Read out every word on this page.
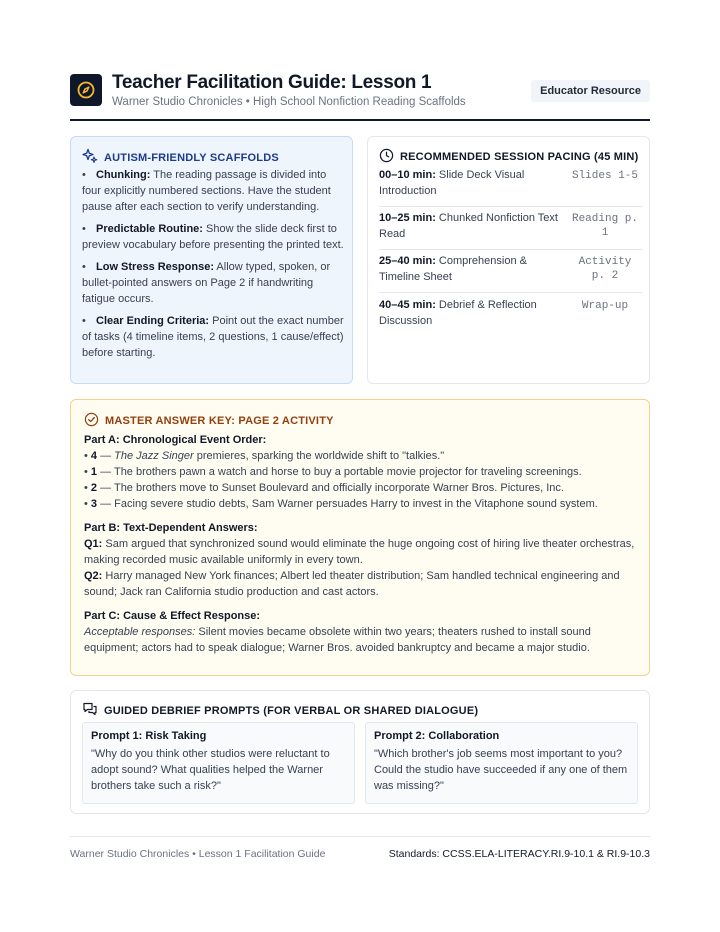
Teacher Facilitation Guide: Lesson 1
Warner Studio Chronicles • High School Nonfiction Reading Scaffolds
Educator Resource
AUTISM-FRIENDLY SCAFFOLDS
• Chunking: The reading passage is divided into four explicitly numbered sections. Have the student pause after each section to verify understanding.
• Predictable Routine: Show the slide deck first to preview vocabulary before presenting the printed text.
• Low Stress Response: Allow typed, spoken, or bullet-pointed answers on Page 2 if handwriting fatigue occurs.
• Clear Ending Criteria: Point out the exact number of tasks (4 timeline items, 2 questions, 1 cause/effect) before starting.
RECOMMENDED SESSION PACING (45 MIN)
00–10 min: Slide Deck Visual Introduction
Slides 1-5
10–25 min: Chunked Nonfiction Text Read
Reading p. 1
25–40 min: Comprehension & Timeline Sheet
Activity p. 2
40–45 min: Debrief & Reflection Discussion
Wrap-up
MASTER ANSWER KEY: PAGE 2 ACTIVITY
Part A: Chronological Event Order:
• 4 — The Jazz Singer premieres, sparking the worldwide shift to "talkies."
• 1 — The brothers pawn a watch and horse to buy a portable movie projector for traveling screenings.
• 2 — The brothers move to Sunset Boulevard and officially incorporate Warner Bros. Pictures, Inc.
• 3 — Facing severe studio debts, Sam Warner persuades Harry to invest in the Vitaphone sound system.
Part B: Text-Dependent Answers:
Q1: Sam argued that synchronized sound would eliminate the huge ongoing cost of hiring live theater orchestras, making recorded music available uniformly in every town.
Q2: Harry managed New York finances; Albert led theater distribution; Sam handled technical engineering and sound; Jack ran California studio production and cast actors.
Part C: Cause & Effect Response:
Acceptable responses: Silent movies became obsolete within two years; theaters rushed to install sound equipment; actors had to speak dialogue; Warner Bros. avoided bankruptcy and became a major studio.
GUIDED DEBRIEF PROMPTS (FOR VERBAL OR SHARED DIALOGUE)
Prompt 1: Risk Taking
"Why do you think other studios were reluctant to adopt sound? What qualities helped the Warner brothers take such a risk?"
Prompt 2: Collaboration
"Which brother's job seems most important to you? Could the studio have succeeded if any one of them was missing?"
Warner Studio Chronicles • Lesson 1 Facilitation Guide	Standards: CCSS.ELA-LITERACY.RI.9-10.1 & RI.9-10.3
